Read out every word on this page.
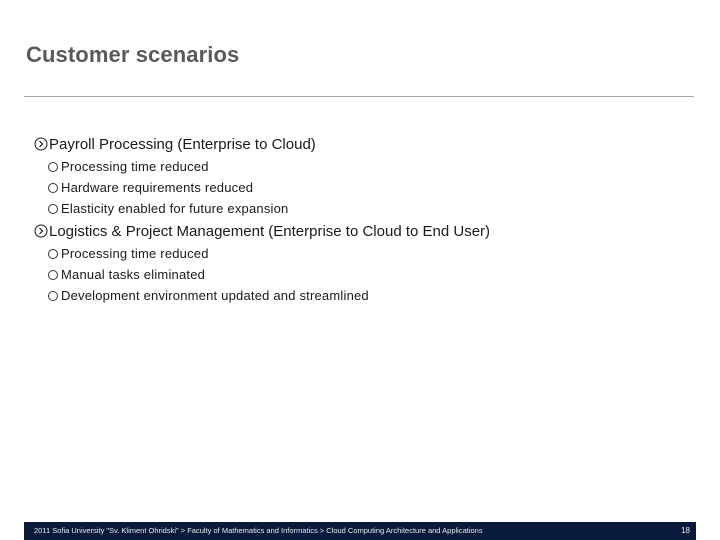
Customer scenarios
Payroll Processing (Enterprise to Cloud)
Processing time reduced
Hardware requirements reduced
Elasticity enabled for future expansion
Logistics & Project Management (Enterprise to Cloud to End User)
Processing time reduced
Manual tasks eliminated
Development environment updated and streamlined
2011 Sofia University "Sv. Kliment Ohridski" > Faculty of Mathematics and Informatics > Cloud Computing Architecture and Applications	18
